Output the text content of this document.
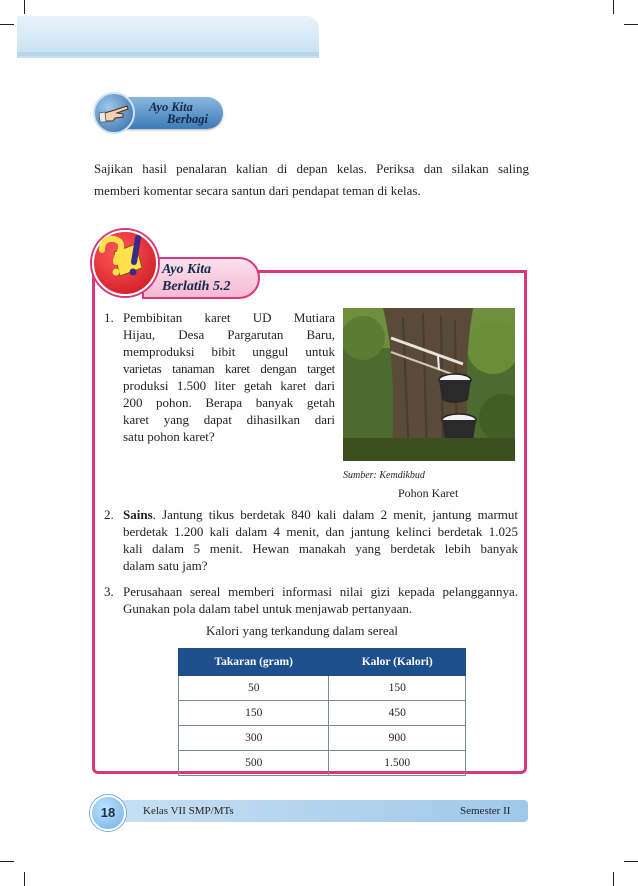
Ayo Kita
Berbagi
Sajikan hasil penalaran kalian di depan kelas. Periksa dan silakan saling
memberi komentar secara santun dari pendapat teman di kelas.
Ayo Kita
Berlatih 5.2
1. Pembibitan karet UD Mutiara
Hijau, Desa Pargarutan Baru,
memproduksi bibit unggul untuk
varietas tanaman karet dengan target
produksi 1.500 liter getah karet dari
200 pohon. Berapa banyak getah
karet yang dapat dihasilkan dari
satu pohon karet?
Sumber: Kemdikbud
Pohon Karet
2. Sains. Jantung tikus berdetak 840 kali dalam 2 menit, jantung marmut
berdetak 1.200 kali dalam 4 menit, dan jantung kelinci berdetak 1.025
kali dalam 5 menit. Hewan manakah yang berdetak lebih banyak
dalam satu jam?
3. Perusahaan sereal memberi informasi nilai gizi kepada pelanggannya.
Gunakan pola dalam tabel untuk menjawab pertanyaan.
Kalori yang terkandung dalam sereal
Takaran (gram)	Kalor (Kalori)
50	150
150	450
300	900
500	1.500
18	Kelas VII SMP/MTs	Semester II
